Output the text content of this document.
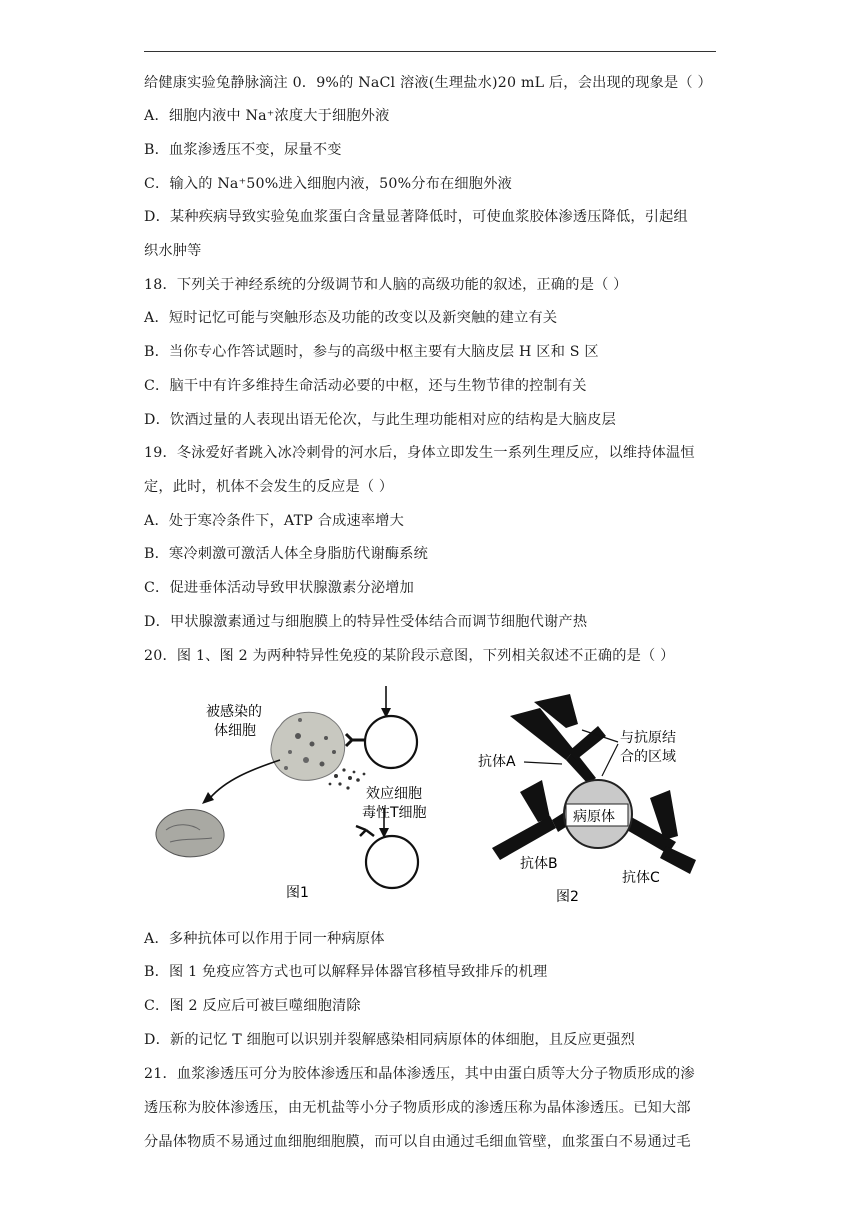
给健康实验兔静脉滴注 0．9%的 NaCl 溶液(生理盐水)20 mL 后，会出现的现象是（ ）
A．细胞内液中 Na⁺浓度大于细胞外液
B．血浆渗透压不变，尿量不变
C．输入的 Na⁺50%进入细胞内液，50%分布在细胞外液
D．某种疾病导致实验兔血浆蛋白含量显著降低时，可使血浆胶体渗透压降低，引起组
织水肿等
18．下列关于神经系统的分级调节和人脑的高级功能的叙述，正确的是（ ）
A．短时记忆可能与突触形态及功能的改变以及新突触的建立有关
B．当你专心作答试题时，参与的高级中枢主要有大脑皮层 H 区和 S 区
C．脑干中有许多维持生命活动必要的中枢，还与生物节律的控制有关
D．饮酒过量的人表现出语无伦次，与此生理功能相对应的结构是大脑皮层
19．冬泳爱好者跳入冰冷刺骨的河水后，身体立即发生一系列生理反应，以维持体温恒
定，此时，机体不会发生的反应是（ ）
A．处于寒冷条件下，ATP 合成速率增大
B．寒冷刺激可激活人体全身脂肪代谢酶系统
C．促进垂体活动导致甲状腺激素分泌增加
D．甲状腺激素通过与细胞膜上的特异性受体结合而调节细胞代谢产热
20．图 1、图 2 为两种特异性免疫的某阶段示意图，下列相关叙述不正确的是（ ）
被感染的
体细胞
效应细胞
毒性T细胞
图1
病原体
与抗原结
合的区域
抗体A
抗体B
抗体C
图2
A．多种抗体可以作用于同一种病原体
B．图 1 免疫应答方式也可以解释异体器官移植导致排斥的机理
C．图 2 反应后可被巨噬细胞清除
D．新的记忆 T 细胞可以识别并裂解感染相同病原体的体细胞，且反应更强烈
21．血浆渗透压可分为胶体渗透压和晶体渗透压，其中由蛋白质等大分子物质形成的渗
透压称为胶体渗透压，由无机盐等小分子物质形成的渗透压称为晶体渗透压。已知大部
分晶体物质不易通过血细胞细胞膜，而可以自由通过毛细血管壁，血浆蛋白不易通过毛
